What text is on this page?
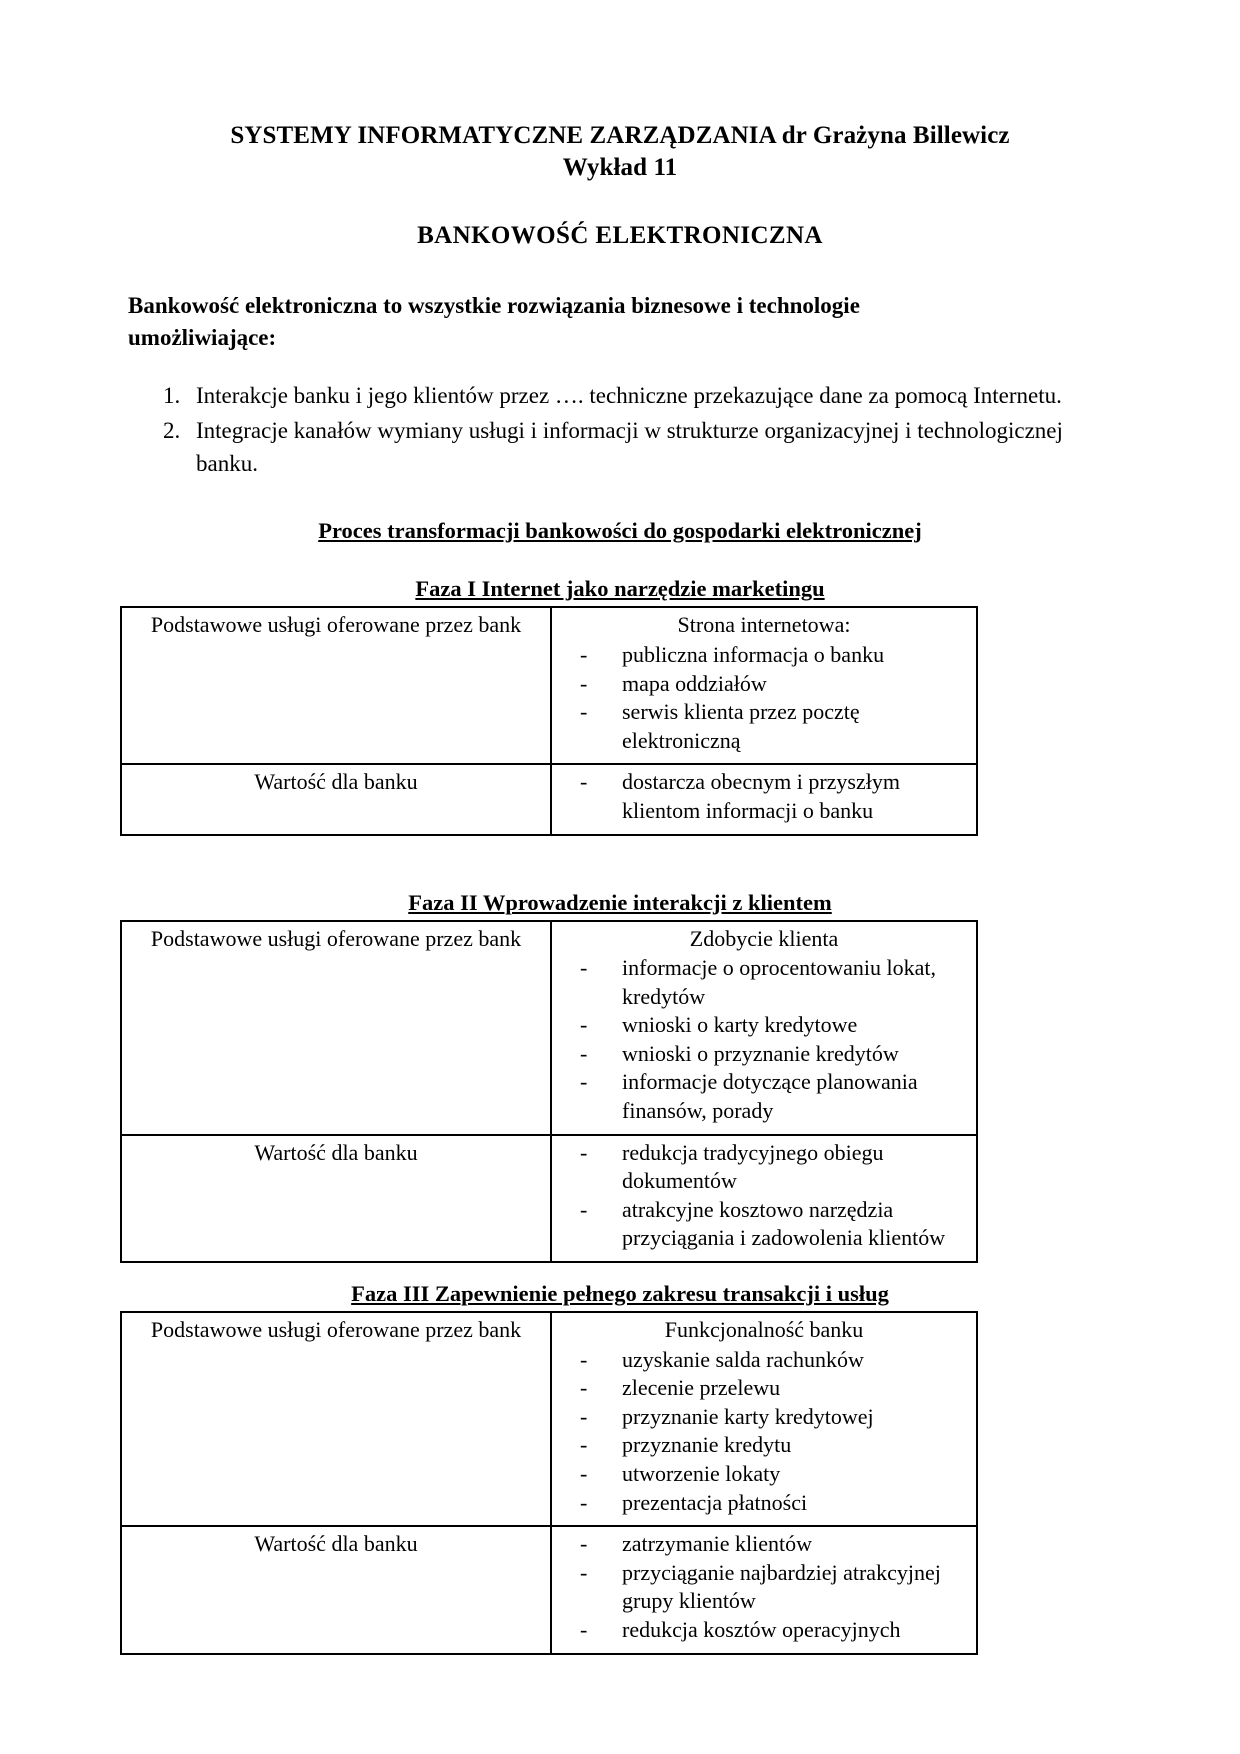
SYSTEMY INFORMATYCZNE ZARZĄDZANIA dr Grażyna Billewicz
Wykład 11
BANKOWOŚĆ ELEKTRONICZNA

Bankowość elektroniczna to wszystkie rozwiązania biznesowe i technologie umożliwiające:

1. Interakcje banku i jego klientów przez …. techniczne przekazujące dane za pomocą Internetu.
2. Integracje kanałów wymiany usługi i informacji w strukturze organizacyjnej i technologicznej banku.
Proces transformacji bankowości do gospodarki elektronicznej
Faza I Internet jako narzędzie marketingu
Podstawowe usługi oferowane przez bank	Strona internetowa:
- publiczna informacja o banku
- mapa oddziałów
- serwis klienta przez pocztę elektroniczną

Wartość dla banku	- dostarcza obecnym i przyszłym klientom informacji o banku
Faza II Wprowadzenie interakcji z klientem
Podstawowe usługi oferowane przez bank	Zdobycie klienta
- informacje o oprocentowaniu lokat, kredytów
- wnioski o karty kredytowe
- wnioski o przyznanie kredytów
- informacje dotyczące planowania finansów, porady

Wartość dla banku	- redukcja tradycyjnego obiegu dokumentów
- atrakcyjne kosztowo narzędzia przyciągania i zadowolenia klientów
Faza III Zapewnienie pełnego zakresu transakcji i usług
Podstawowe usługi oferowane przez bank	Funkcjonalność banku
- uzyskanie salda rachunków
- zlecenie przelewu
- przyznanie karty kredytowej
- przyznanie kredytu
- utworzenie lokaty
- prezentacja płatności

Wartość dla banku	- zatrzymanie klientów
- przyciąganie najbardziej atrakcyjnej grupy klientów
- redukcja kosztów operacyjnych
